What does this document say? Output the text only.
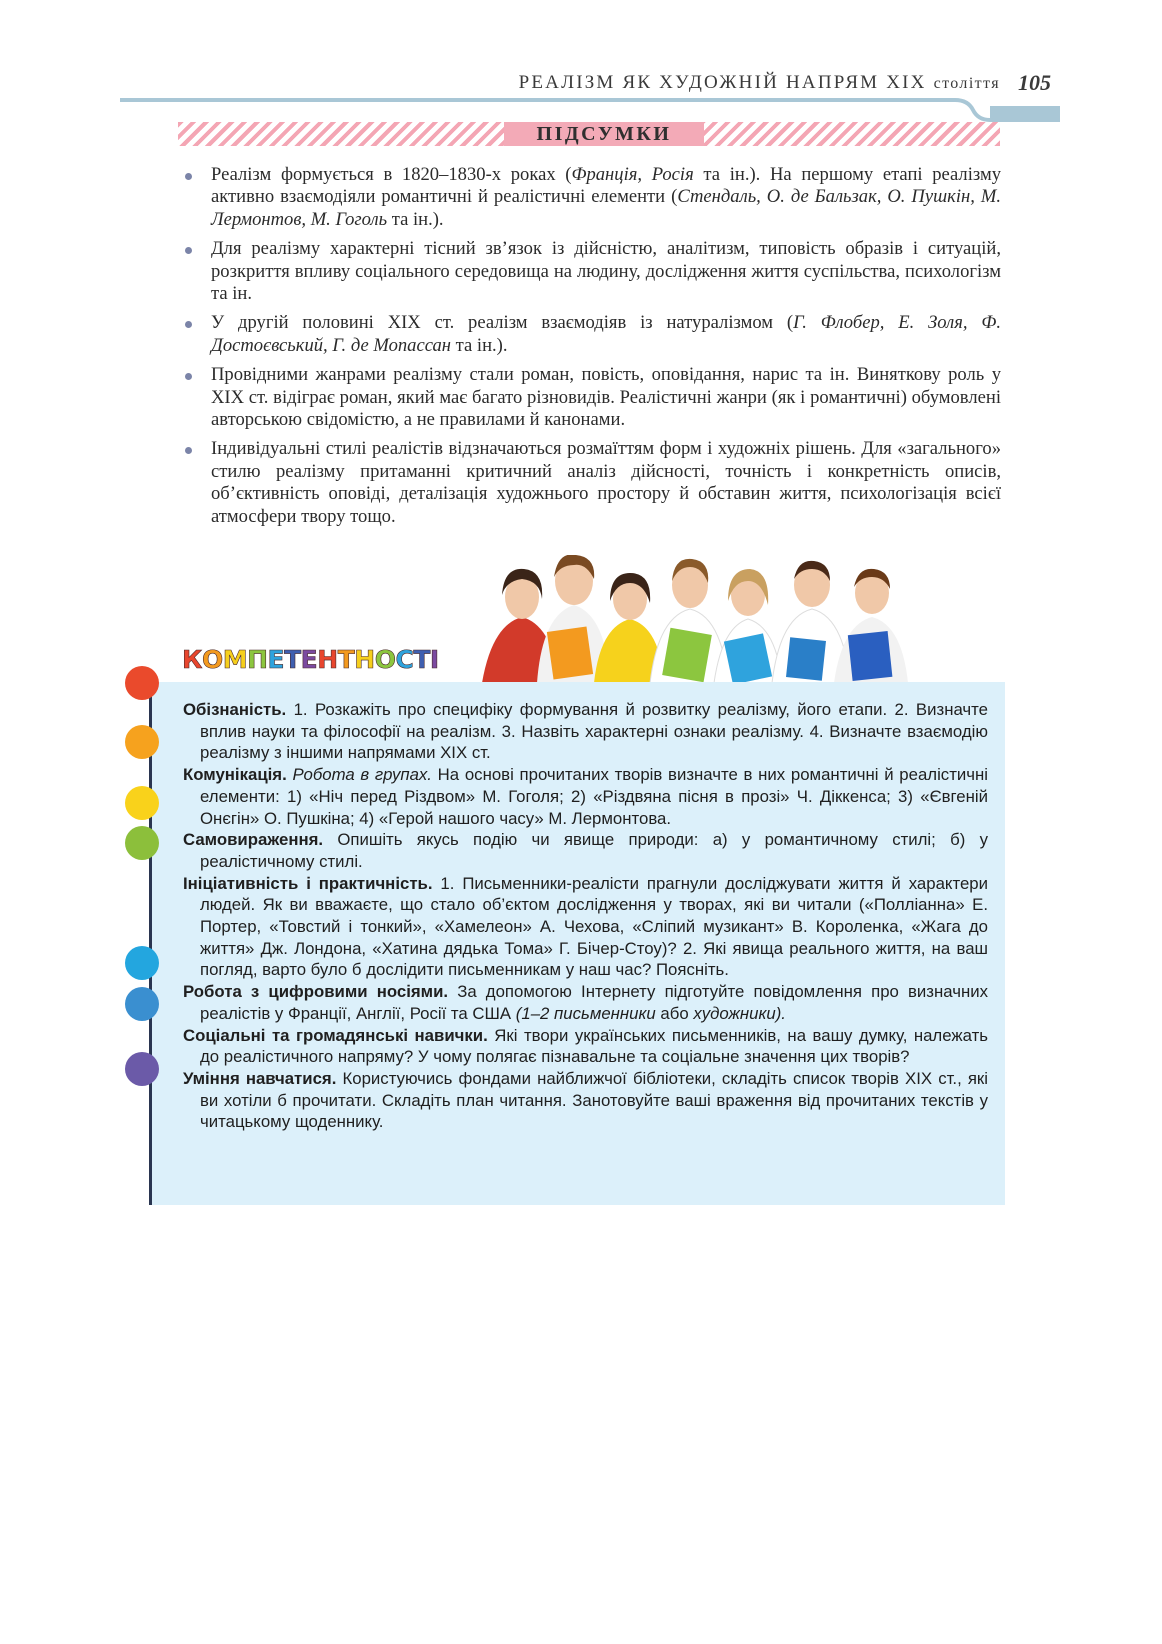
РЕАЛІЗМ ЯК ХУДОЖНІЙ НАПРЯМ XIX століття 105
ПІДСУМКИ
Реалізм формується в 1820–1830-х роках (Франція, Росія та ін.). На першому етапі реалізму активно взаємодіяли романтичні й реалістичні елементи (Стендаль, О. де Бальзак, О. Пушкін, М. Лермонтов, М. Гоголь та ін.).
Для реалізму характерні тісний зв’язок із дійсністю, аналітизм, типовість образів і ситуацій, розкриття впливу соціального середовища на людину, дослідження життя суспільства, психологізм та ін.
У другій половині ХІХ ст. реалізм взаємодіяв із натуралізмом (Г. Флобер, Е. Золя, Ф. Достоєвський, Г. де Мопассан та ін.).
Провідними жанрами реалізму стали роман, повість, оповідання, нарис та ін. Виняткову роль у ХІХ ст. відіграє роман, який має багато різновидів. Реалістичні жанри (як і романтичні) обумовлені авторською свідомістю, а не правилами й канонами.
Індивідуальні стилі реалістів відзначаються розмаїттям форм і художніх рішень. Для «загального» стилю реалізму притаманні критичний аналіз дійсності, точність і конкретність описів, об’єктивність оповіді, деталізація художнього простору й обставин життя, психологізація всієї атмосфери твору тощо.
КОМПЕТЕНТНОСТІ
Обізнаність. 1. Розкажіть про специфіку формування й розвитку реалізму, його етапи. 2. Визначте вплив науки та філософії на реалізм. 3. Назвіть характерні ознаки реалізму. 4. Визначте взаємодію реалізму з іншими напрямами ХІХ ст.
Комунікація. Робота в групах. На основі прочитаних творів визначте в них романтичні й реалістичні елементи: 1) «Ніч перед Різдвом» М. Гоголя; 2) «Різдвяна пісня в прозі» Ч. Діккенса; 3) «Євгеній Онєгін» О. Пушкіна; 4) «Герой нашого часу» М. Лермонтова.
Самовираження. Опишіть якусь подію чи явище природи: а) у романтичному стилі; б) у реалістичному стилі.
Ініціативність і практичність. 1. Письменники-реалісти прагнули досліджувати життя й характери людей. Як ви вважаєте, що стало об’єктом дослідження у творах, які ви читали («Поллiанна» Е. Портер, «Товстий і тонкий», «Хамелеон» А. Чехова, «Сліпий музикант» В. Короленка, «Жага до життя» Дж. Лондона, «Хатина дядька Тома» Г. Бічер-Стоу)? 2. Які явища реального життя, на ваш погляд, варто було б дослідити письменникам у наш час? Поясніть.
Робота з цифровими носіями. За допомогою Інтернету підготуйте повідомлення про визначних реалістів у Франції, Англії, Росії та США (1–2 письменники або художники).
Соціальні та громадянські навички. Які твори українських письменників, на вашу думку, належать до реалістичного напряму? У чому полягає пізнавальне та соціальне значення цих творів?
Уміння навчатися. Користуючись фондами найближчої бібліотеки, складіть список творів ХІХ ст., які ви хотіли б прочитати. Складіть план читання. Занотовуйте ваші враження від прочитаних текстів у читацькому щоденнику.
